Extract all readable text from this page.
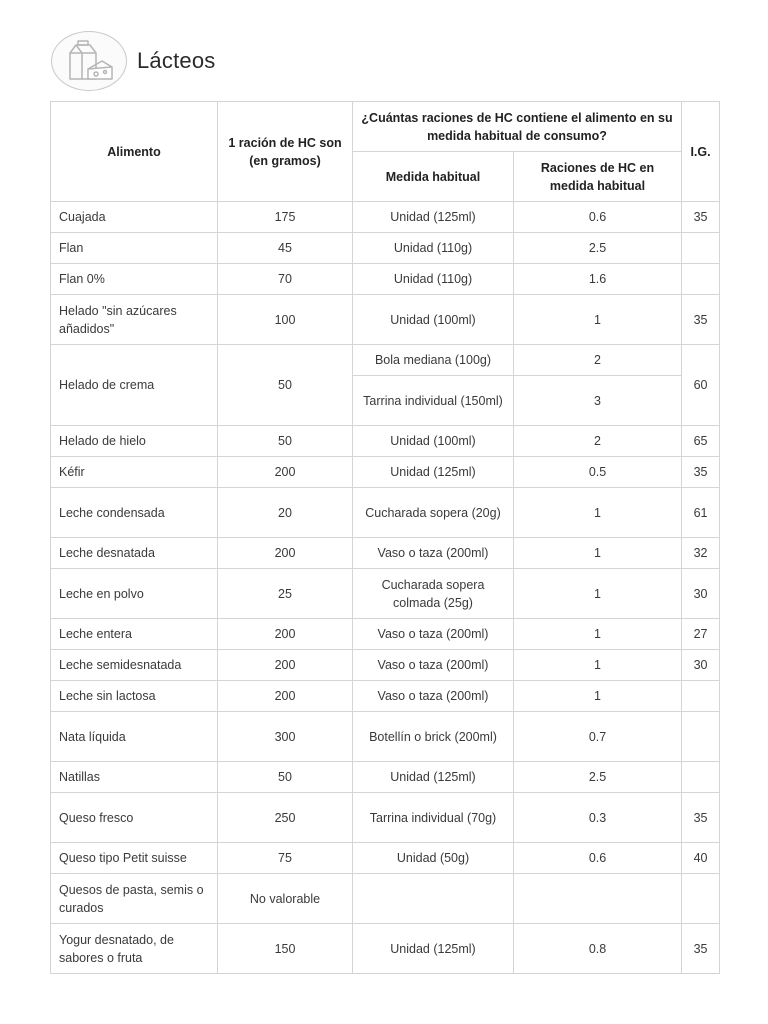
Lácteos
Alimento	1 ración de HC son (en gramos)	¿Cuántas raciones de HC contiene el alimento en su medida habitual de consumo?		I.G.
		Medida habitual	Raciones de HC en medida habitual	
Cuajada	175	Unidad (125ml)	0.6	35
Flan	45	Unidad (110g)	2.5	
Flan 0%	70	Unidad (110g)	1.6	
Helado "sin azúcares añadidos"	100	Unidad (100ml)	1	35
Helado de crema	50	Bola mediana (100g)	2	60
		Tarrina individual (150ml)	3	
Helado de hielo	50	Unidad (100ml)	2	65
Kéfir	200	Unidad (125ml)	0.5	35
Leche condensada	20	Cucharada sopera (20g)	1	61
Leche desnatada	200	Vaso o taza (200ml)	1	32
Leche en polvo	25	Cucharada sopera colmada (25g)	1	30
Leche entera	200	Vaso o taza (200ml)	1	27
Leche semidesnatada	200	Vaso o taza (200ml)	1	30
Leche sin lactosa	200	Vaso o taza (200ml)	1	
Nata líquida	300	Botellín o brick (200ml)	0.7	
Natillas	50	Unidad (125ml)	2.5	
Queso fresco	250	Tarrina individual (70g)	0.3	35
Queso tipo Petit suisse	75	Unidad (50g)	0.6	40
Quesos de pasta, semis o curados	No valorable			
Yogur desnatado, de sabores o fruta	150	Unidad (125ml)	0.8	35
